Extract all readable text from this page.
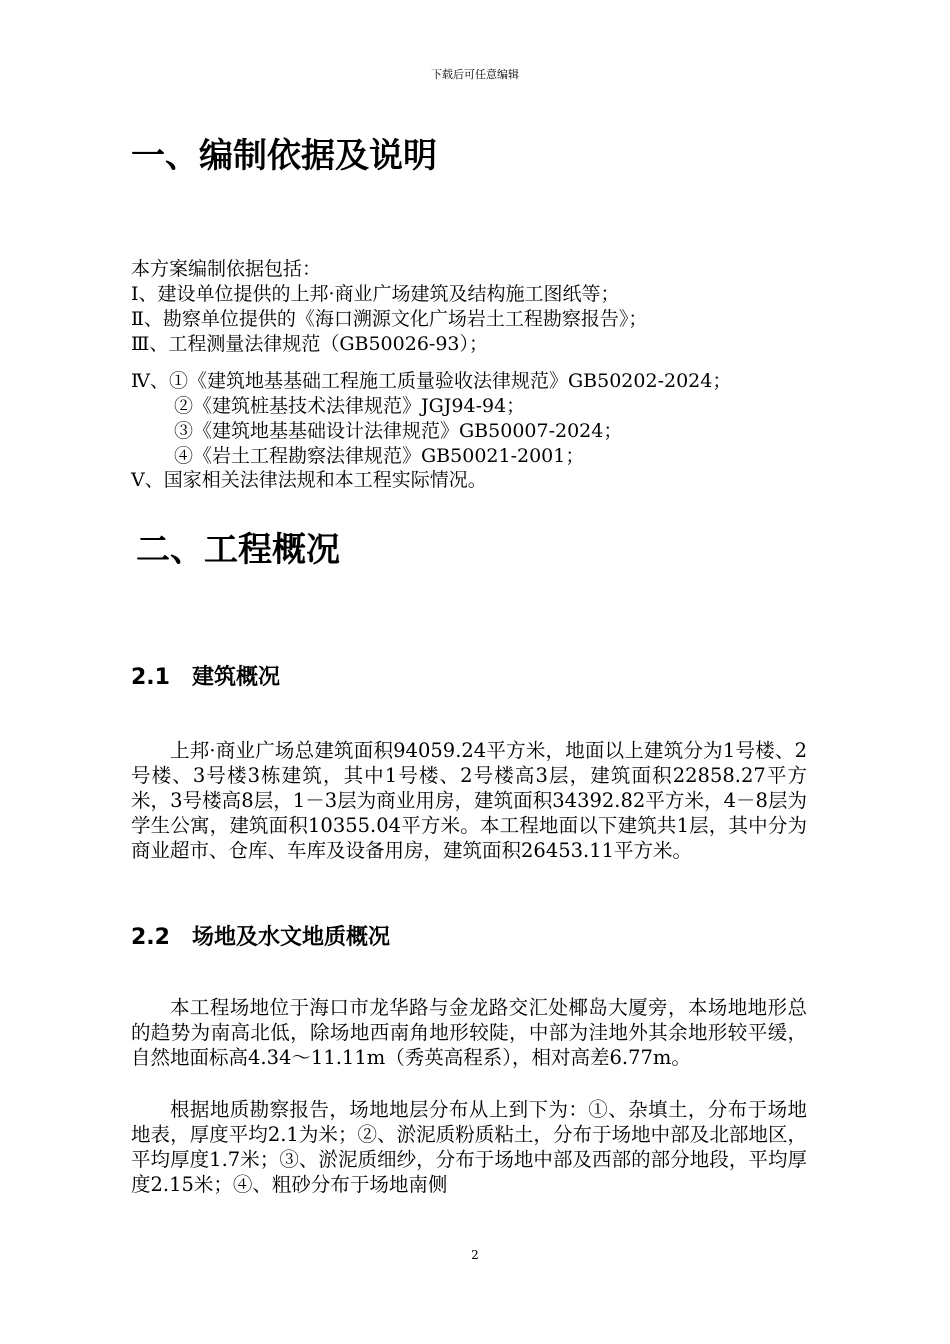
下载后可任意编辑
一、编制依据及说明
本方案编制依据包括：
Ⅰ、建设单位提供的上邦·商业广场建筑及结构施工图纸等；
Ⅱ、勘察单位提供的《海口溯源文化广场岩土工程勘察报告》；
Ⅲ、工程测量法律规范（GB50026-93）；
Ⅳ、①《建筑地基基础工程施工质量验收法律规范》GB50202-2024；
②《建筑桩基技术法律规范》JGJ94-94；
③《建筑地基基础设计法律规范》GB50007-2024；
④《岩土工程勘察法律规范》GB50021-2001；
Ⅴ、国家相关法律法规和本工程实际情况。
二、工程概况
2.1　建筑概况
上邦·商业广场总建筑面积94059.24平方米，地面以上建筑分为1号楼、2号楼、3号楼3栋建筑，其中1号楼、2号楼高3层，建筑面积22858.27平方米，3号楼高8层，1－3层为商业用房，建筑面积34392.82平方米，4－8层为学生公寓，建筑面积10355.04平方米。本工程地面以下建筑共1层，其中分为商业超市、仓库、车库及设备用房，建筑面积26453.11平方米。
2.2　场地及水文地质概况
本工程场地位于海口市龙华路与金龙路交汇处椰岛大厦旁，本场地地形总的趋势为南高北低，除场地西南角地形较陡，中部为洼地外其余地形较平缓，自然地面标高4.34～11.11m（秀英高程系），相对高差6.77m。
根据地质勘察报告，场地地层分布从上到下为：①、杂填土，分布于场地地表，厚度平均2.1为米；②、淤泥质粉质粘土，分布于场地中部及北部地区，平均厚度1.7米；③、淤泥质细纱，分布于场地中部及西部的部分地段，平均厚度2.15米；④、粗砂分布于场地南侧
2
